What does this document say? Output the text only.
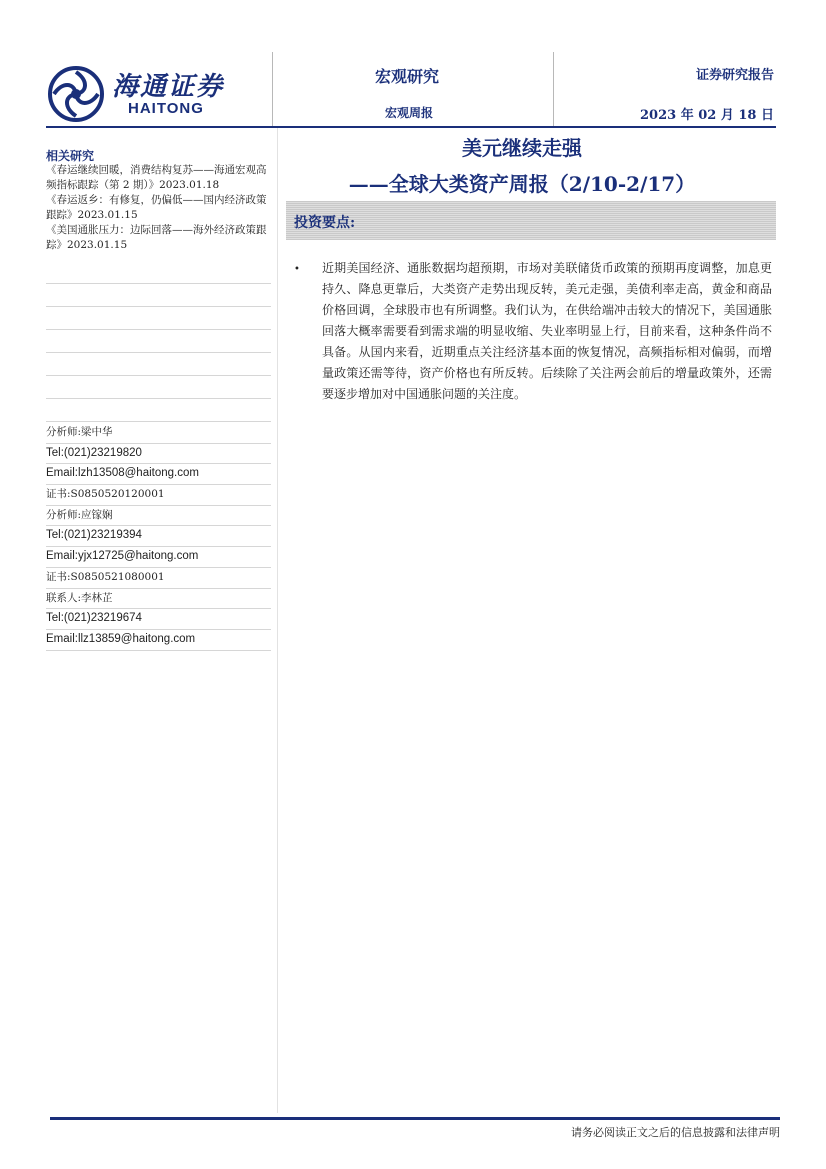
海通证券
HAITONG
宏观研究
宏观周报
证券研究报告
2023 年 02 月 18 日
相关研究
《春运继续回暖，消费结构复苏——海通宏观高频指标跟踪（第 2 期）》2023.01.18
《春运返乡：有修复，仍偏低——国内经济政策跟踪》2023.01.15
《美国通胀压力：边际回落——海外经济政策跟踪》2023.01.15
分析师:梁中华
Tel:(021)23219820
Email:lzh13508@haitong.com
证书:S0850520120001
分析师:应镓娴
Tel:(021)23219394
Email:yjx12725@haitong.com
证书:S0850521080001
联系人:李林芷
Tel:(021)23219674
Email:llz13859@haitong.com
美元继续走强
——全球大类资产周报（2/10-2/17）
投资要点:
• 近期美国经济、通胀数据均超预期，市场对美联储货币政策的预期再度调整，加息更持久、降息更靠后，大类资产走势出现反转，美元走强，美债利率走高，黄金和商品价格回调，全球股市也有所调整。我们认为，在供给端冲击较大的情况下，美国通胀回落大概率需要看到需求端的明显收缩、失业率明显上行，目前来看，这种条件尚不具备。从国内来看，近期重点关注经济基本面的恢复情况，高频指标相对偏弱，而增量政策还需等待，资产价格也有所反转。后续除了关注两会前后的增量政策外，还需要逐步增加对中国通胀问题的关注度。
请务必阅读正文之后的信息披露和法律声明
